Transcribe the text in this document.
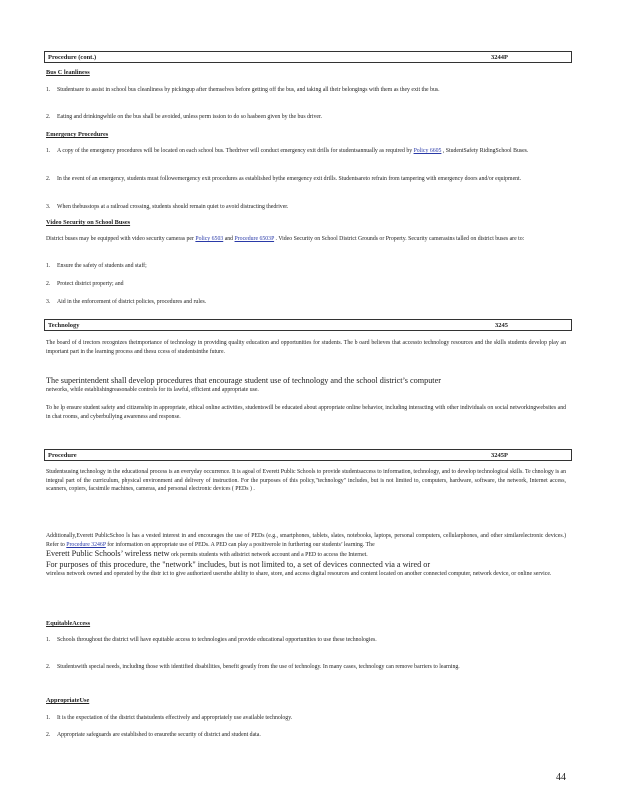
Procedure (cont.)	3244P
Bus C leanliness
1. Studentsare to assist in school bus cleanliness by pickingup after themselves before getting off the bus, and taking all their belongings with them as they exit the bus.
2. Eating and drinkingwhile on the bus shall be avoided, unless perm ission to do so hasbeen given by the bus driver.
Emergency Procedures
1. A copy of the emergency procedures will be located on each school bus. Thedriver will conduct emergency exit drills for studentsannually as required by Policy 6605 , StudentSafety RidingSchool Buses.
2. In the event of an emergency, students must followemergency exit procedures as established bythe emergency exit drills. Studentsareto refrain from tampering with emergency doors and/or equipment.
3. When thebusstops at a railroad crossing, students should remain quiet to avoid distracting thedriver.
Video Security on School Buses
District buses may be equipped with video security cameras per Policy 6503 and Procedure 6503P . Video Security on School District Grounds or Property. Security camerasins talled on district buses are to:
1. Ensure the safety of students and staff;
2. Protect district property; and
3. Aid in the enforcement of district policies, procedures and rules.
Technology	3245
The board of d irectors recognizes theimportance of technology in providing quality education and opportunities for students. The b oard believes that accessto technology resources and the skills students develop play an important part in the learning process and thesu ccess of studentsinthe future.
The superintendent shall develop procedures that encourage student use of technology and the school district’s computer
networks, while establishingreasonable controls for its lawful, efficient and appropriate use.
To he lp ensure student safety and citizenship in appropriate, ethical online activities, studentswill be educated about appropriate online behavior, including interacting with other individuals on social networkingwebsites and in chat rooms, and cyberbullying awareness and response.
Procedure	3245P
Studentsusing technology in the educational process is an everyday occurrence. It is agoal of Everett Public Schools to provide studentsaccess to information, technology, and to develop technological skills. Te chnology is an integral part of the curriculum, physical environment and delivery of instruction. For the purposes of this policy,"technology" includes, but is not limited to, computers, hardware, software, the network, Internet access, scanners, copiers, facsimile machines, cameras, and personal electronic devices ( PEDs ) .
Additionally,Everett PublicSchoo ls has a vested interest in and encourages the use of PEDs (e.g., smartphones, tablets, slates, notebooks, laptops, personal computers, cellularphones, and other similarelectronic devices.) Refer to Procedure 3246P for information on appropriate use of PEDs. A PED can play a positiverole in furthering our students’ learning. The
Everett Public Schools’ wireless netw ork permits students with adistrict network account and a PED to access the Internet.
For purposes of this procedure, the "network" includes, but is not limited to, a set of devices connected via a wired or
wireless network owned and operated by the distr ict to give authorized usersthe ability to share, store, and access digital resources and content located on another connected computer, network device, or online service.
EquitableAccess
1. Schools throughout the district will have equitable access to technologies and provide educational opportunities to use these technologies.
2. Studentswith special needs, including those with identified disabilities, benefit greatly from the use of technology. In many cases, technology can remove barriers to learning.
AppropriateUse
1. It is the expectation of the district thatstudents effectively and appropriately use available technology.
2. Appropriate safeguards are established to ensurethe security of district and student data.
44
